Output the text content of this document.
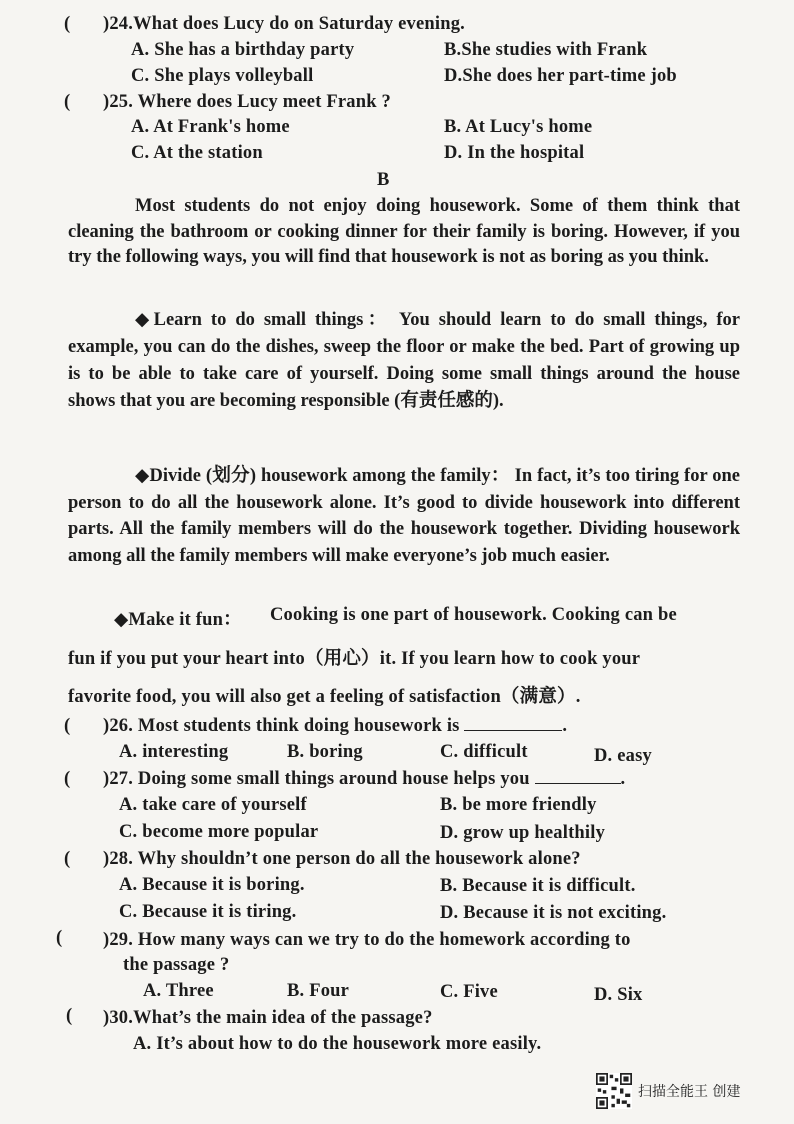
( )24.What does Lucy do on Saturday evening.
A. She has a birthday party	B.She studies with Frank
C. She plays volleyball	D.She does her part-time job
( )25. Where does Lucy meet Frank ?
A. At Frank's home	B. At Lucy's home
C. At the station	D. In the hospital
B

Most students do not enjoy doing housework. Some of them think that cleaning the bathroom or cooking dinner for their family is boring. However, if you try the following ways, you will find that housework is not as boring as you think.

◆Learn to do small things： You should learn to do small things, for example, you can do the dishes, sweep the floor or make the bed. Part of growing up is to be able to take care of yourself. Doing some small things around the house shows that you are becoming responsible (有责任感的).

◆Divide (划分) housework among the family： In fact, it’s too tiring for one person to do all the housework alone. It’s good to divide housework into different parts. All the family members will do the housework together. Dividing housework among all the family members will make everyone’s job much easier.

◆Make it fun： Cooking is one part of housework. Cooking can be
fun if you put your heart into（用心）it. If you learn how to cook your
favorite food, you will also get a feeling of satisfaction（满意）.
( )26. Most students think doing housework is	.
A. interesting	B. boring	C. difficult	D. easy
( )27. Doing some small things around house helps you	.
A. take care of yourself	B. be more friendly
C. become more popular	D. grow up healthily
( )28. Why shouldn’t one person do all the housework alone?
A. Because it is boring.	B. Because it is difficult.
C. Because it is tiring.	D. Because it is not exciting.
( )29. How many ways can we try to do the homework according to
the passage ?
A. Three	B. Four	C. Five	D. Six
( )30.What’s the main idea of the passage?
A. It’s about how to do the housework more easily.
扫描全能王 创建
